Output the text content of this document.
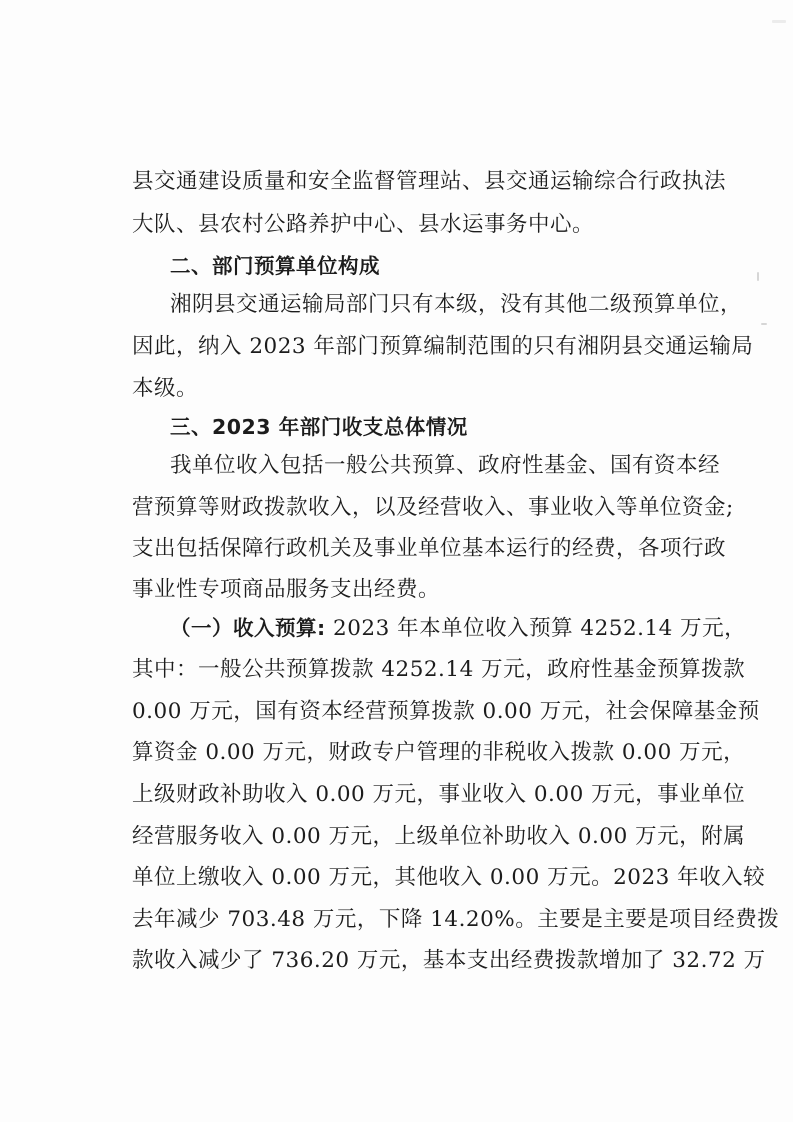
县交通建设质量和安全监督管理站、县交通运输综合行政执法
大队、县农村公路养护中心、县水运事务中心。
二、部门预算单位构成
湘阴县交通运输局部门只有本级，没有其他二级预算单位，
因此，纳入 2023 年部门预算编制范围的只有湘阴县交通运输局
本级。
三、2023 年部门收支总体情况
我单位收入包括一般公共预算、政府性基金、国有资本经
营预算等财政拨款收入，以及经营收入、事业收入等单位资金;
支出包括保障行政机关及事业单位基本运行的经费，各项行政
事业性专项商品服务支出经费。
（一）收入预算: 2023 年本单位收入预算 4252.14 万元，
其中：一般公共预算拨款 4252.14 万元，政府性基金预算拨款
0.00 万元，国有资本经营预算拨款 0.00 万元，社会保障基金预
算资金 0.00 万元，财政专户管理的非税收入拨款 0.00 万元，
上级财政补助收入 0.00 万元，事业收入 0.00 万元，事业单位
经营服务收入 0.00 万元，上级单位补助收入 0.00 万元，附属
单位上缴收入 0.00 万元，其他收入 0.00 万元。2023 年收入较
去年减少 703.48 万元，下降 14.20%。主要是主要是项目经费拨
款收入减少了 736.20 万元，基本支出经费拨款增加了 32.72 万
